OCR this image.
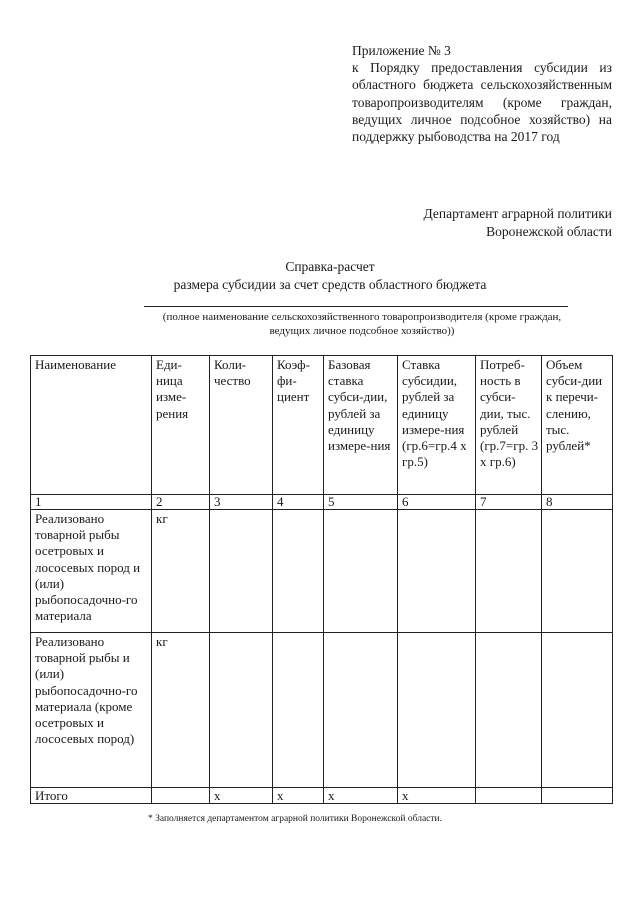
Приложение № 3
к Порядку предоставления субсидии из областного бюджета сельскохозяйственным товаропроизводителям (кроме граждан, ведущих личное подсобное хозяйство) на поддержку рыбоводства на 2017 год
Департамент аграрной политики
Воронежской области
Справка-расчет
размера субсидии за счет средств областного бюджета
(полное наименование сельскохозяйственного товаропроизводителя (кроме граждан, ведущих личное подсобное хозяйство))
Наименование	Еди-ница изме-рения	Коли-чество	Коэф-фи-циент	Базовая ставка субси-дии, рублей за единицу измере-ния	Ставка субсидии, рублей за единицу измере-ния (гр.6=гр.4 х гр.5)	Потреб-ность в субси-дии, тыс. рублей (гр.7=гр. 3 х гр.6)	Объем субси-дии к перечи-слению, тыс. рублей*
1	2	3	4	5	6	7	8
Реализовано товарной рыбы осетровых и лососевых пород и (или) рыбопосадочно-го материала	кг						
Реализовано товарной рыбы и (или) рыбопосадочно-го материала (кроме осетровых и лососевых пород)	кг						
Итого		х	х	х	х		
* Заполняется департаментом аграрной политики Воронежской области.
